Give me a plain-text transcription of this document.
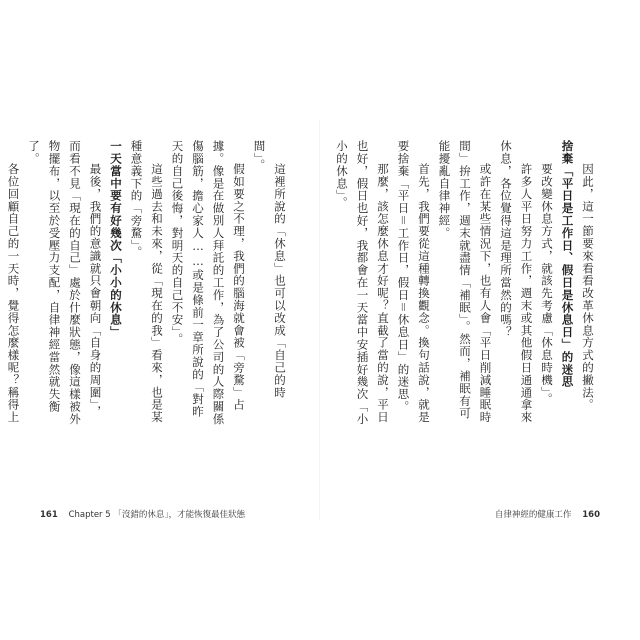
因此，這一節要來看看改革休息方式的撇法。

捨棄「平日是工作日、假日是休息日」的迷思

要改變休息方式，就該先考慮「休息時機」。

許多人平日努力工作，週末或其他假日通通拿來休息，各位覺得這是理所當然的嗎？

或許在某些情況下，也有人會「平日削減睡眠時間」拚工作，週末就盡情「補眠」。然而，補眠有可能擾亂自律神經。

首先，我們要從這種轉換觀念。換句話說，就是要捨棄「平日＝工作日，假日＝休息日」的迷思。

那麼，該怎麼休息才好呢？直截了當的說，平日也好，假日也好，我都會在一天當中安插好幾次「小小的休息」。

這裡所說的「休息」也可以改成「自己的時間」。

假如要之不理，我們的腦海就會被「旁騖」占據。像是在做別人拜託的工作，為了公司的人際關係傷腦筋，擔心家人……或是條前一章所說的「對昨天的自己後悔，對明天的自己不安」。

這些過去和未來，從「現在的我」看來，也是某種意義下的「旁騖」。

一天當中要有好幾次「小小的休息」

最後，我們的意識就只會朝向「自身的周圍」，而看不見「現在的自己」處於什麼狀態，像這樣被外物擺布，以至於受壓力支配，自律神經當然就失衡了。

各位回顧自己的一天時，覺得怎麼樣呢？稱得上

161 Chapter 5 「沒錯的休息」，才能恢復最佳狀態	自律神經的健康工作 160
